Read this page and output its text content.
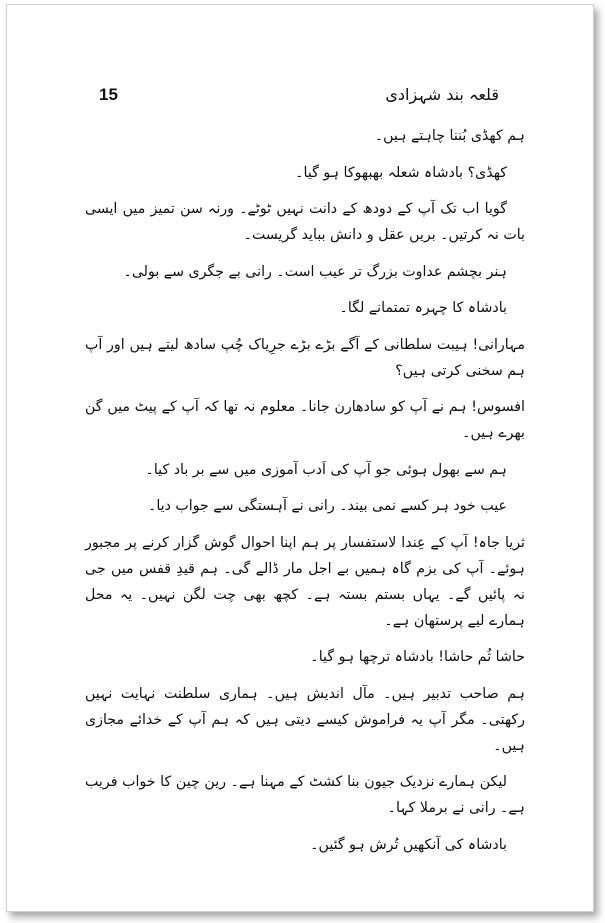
15	قلعہ بند شہزادی

ہم کھڈی بُننا چاہتے ہیں۔

کھڈی؟ بادشاہ شعلہ بھبھوکا ہو گیا۔

گویا اب تک آپ کے دودھ کے دانت نہیں ٹوٹے۔ ورنہ سن تمیز میں ایسی بات نہ کرتیں۔ بریں عقل و دانش بباید گریست۔

ہنر بچشم عداوت بزرگ تر عیب است۔ رانی بے جگری سے بولی۔

بادشاہ کا چہرہ تمتمانے لگا۔

مہارانی! ہیبت سلطانی کے آگے بڑے بڑے جرِیاک چُپ سادھ لیتے ہیں اور آپ ہم سخنی کرتی ہیں؟

افسوس! ہم نے آپ کو سادھارن جانا۔ معلوم نہ تھا کہ آپ کے پیٹ میں گن بھرے ہیں۔

ہم سے بھول ہوئی جو آپ کی اَدب آموزی میں سے بر باد کیا۔

عیب خود ہر کسے نمی بیند۔ رانی نے آہستگی سے جواب دیا۔

ثریا جاہ! آپ کے عِندا لاستفسار پر ہم اپنا احوال گوش گزار کرنے پر مجبور ہوئے۔ آپ کی بزم گاہ ہمیں بے اجل مار ڈالے گی۔ ہم قیدِ قفس میں جی نہ پائیں گے۔ یہاں بستم بستہ ہے۔ کچھ بھی چت لگن نہیں۔ یہ محل ہمارے لیے پرستھان ہے۔

حاشا ثُم حاشا! بادشاہ ترچھا ہو گیا۔

ہم صاحب تدبیر ہیں۔ مآل اندیش ہیں۔ ہماری سلطنت نہایت نہیں رکھتی۔ مگر آپ یہ فراموش کیسے دیتی ہیں کہ ہم آپ کے خدائے مجازی ہیں۔

لیکن ہمارے نزدیک جیون بنا کشٹ کے مہنا ہے۔ رین چین کا خواب فریب ہے۔ رانی نے برملا کہا۔

بادشاہ کی آنکھیں تُرش ہو گئیں۔
